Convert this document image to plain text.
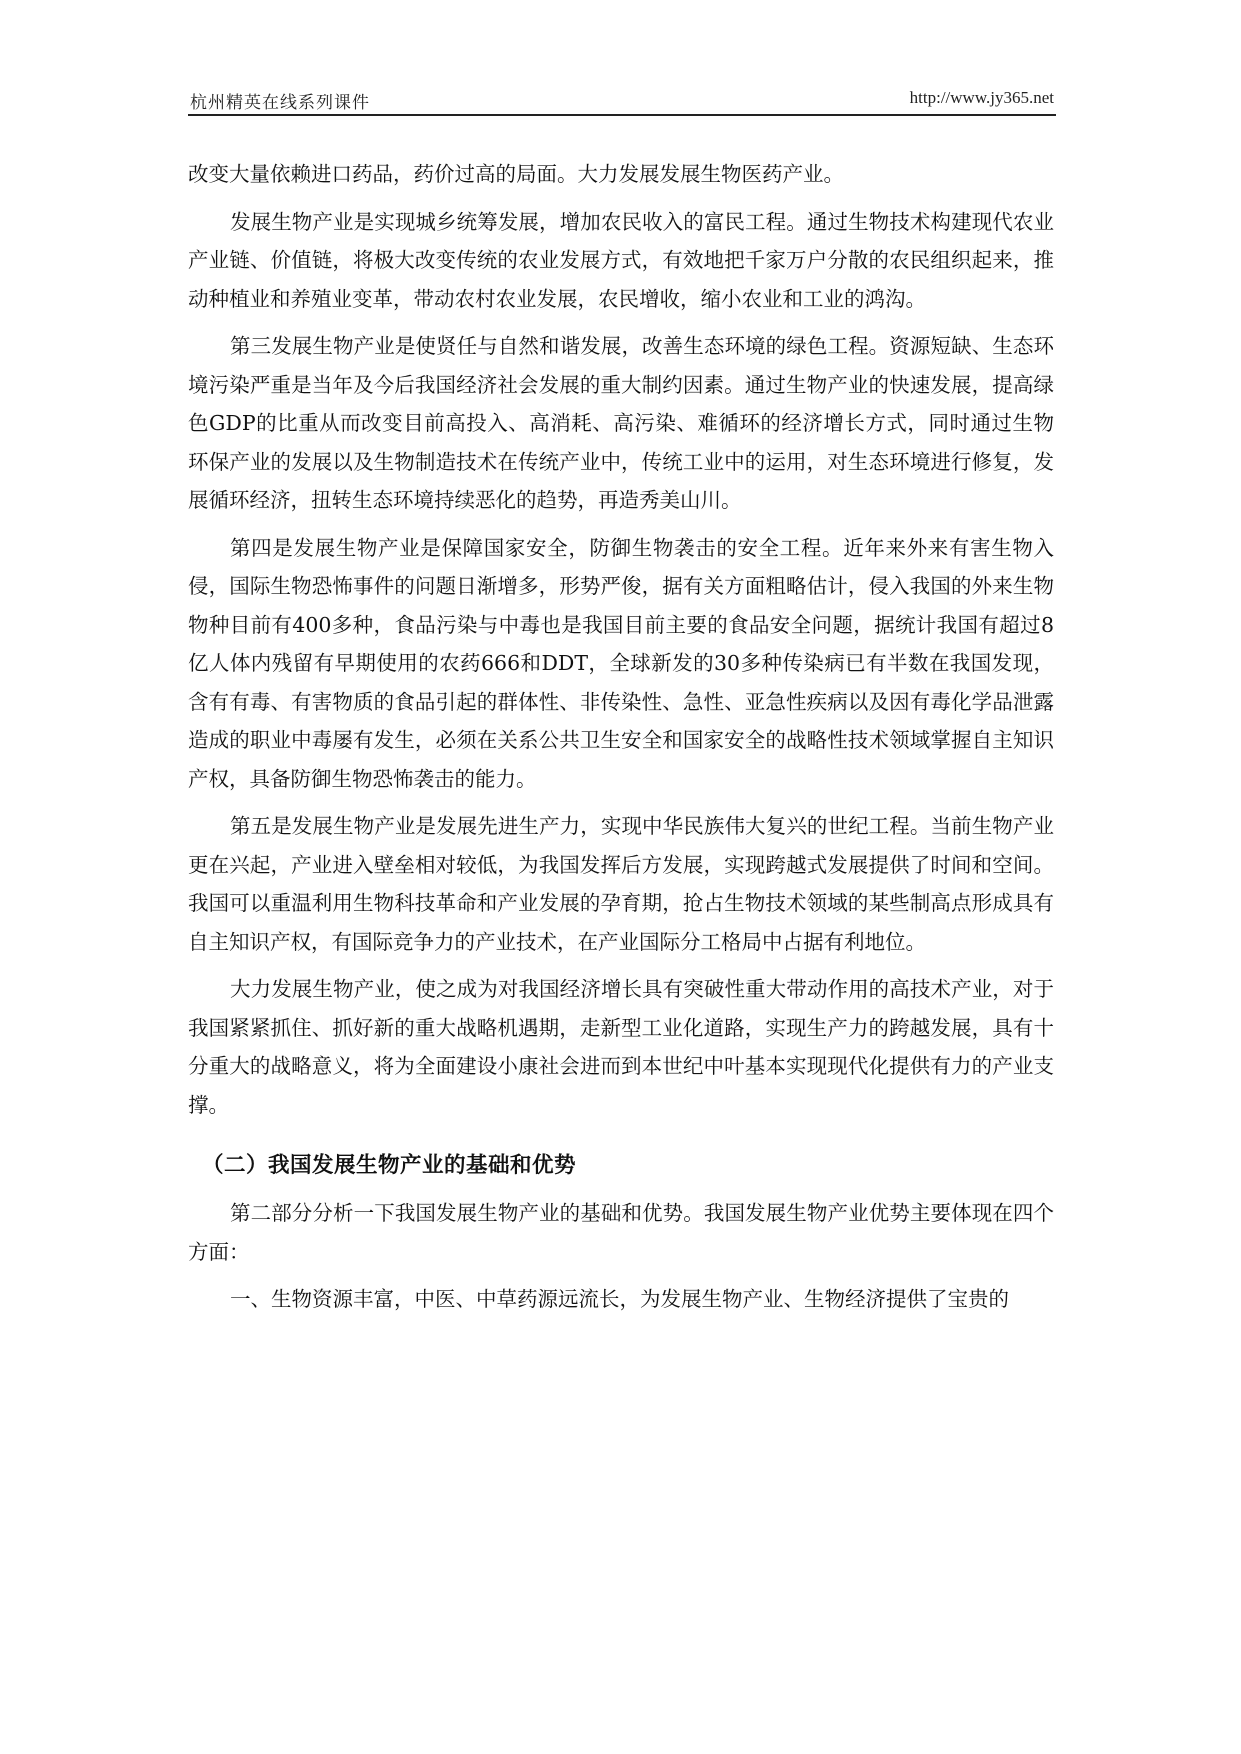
杭州精英在线系列课件	http://www.jy365.net

改变大量依赖进口药品，药价过高的局面。大力发展发展生物医药产业。

发展生物产业是实现城乡统筹发展，增加农民收入的富民工程。通过生物技术构建现代农业产业链、价值链，将极大改变传统的农业发展方式，有效地把千家万户分散的农民组织起来，推动种植业和养殖业变革，带动农村农业发展，农民增收，缩小农业和工业的鸿沟。

第三发展生物产业是使贤任与自然和谐发展，改善生态环境的绿色工程。资源短缺、生态环境污染严重是当年及今后我国经济社会发展的重大制约因素。通过生物产业的快速发展，提高绿色GDP的比重从而改变目前高投入、高消耗、高污染、难循环的经济增长方式，同时通过生物环保产业的发展以及生物制造技术在传统产业中，传统工业中的运用，对生态环境进行修复，发展循环经济，扭转生态环境持续恶化的趋势，再造秀美山川。

第四是发展生物产业是保障国家安全，防御生物袭击的安全工程。近年来外来有害生物入侵，国际生物恐怖事件的问题日渐增多，形势严俊，据有关方面粗略估计，侵入我国的外来生物物种目前有400多种，食品污染与中毒也是我国目前主要的食品安全问题，据统计我国有超过8亿人体内残留有早期使用的农药666和DDT，全球新发的30多种传染病已有半数在我国发现，含有有毒、有害物质的食品引起的群体性、非传染性、急性、亚急性疾病以及因有毒化学品泄露造成的职业中毒屡有发生，必须在关系公共卫生安全和国家安全的战略性技术领域掌握自主知识产权，具备防御生物恐怖袭击的能力。

第五是发展生物产业是发展先进生产力，实现中华民族伟大复兴的世纪工程。当前生物产业更在兴起，产业进入壁垒相对较低，为我国发挥后方发展，实现跨越式发展提供了时间和空间。我国可以重温利用生物科技革命和产业发展的孕育期，抢占生物技术领域的某些制高点形成具有自主知识产权，有国际竞争力的产业技术，在产业国际分工格局中占据有利地位。

大力发展生物产业，使之成为对我国经济增长具有突破性重大带动作用的高技术产业，对于我国紧紧抓住、抓好新的重大战略机遇期，走新型工业化道路，实现生产力的跨越发展，具有十分重大的战略意义，将为全面建设小康社会进而到本世纪中叶基本实现现代化提供有力的产业支撑。

（二）我国发展生物产业的基础和优势

第二部分分析一下我国发展生物产业的基础和优势。我国发展生物产业优势主要体现在四个方面：

一、生物资源丰富，中医、中草药源远流长，为发展生物产业、生物经济提供了宝贵的
